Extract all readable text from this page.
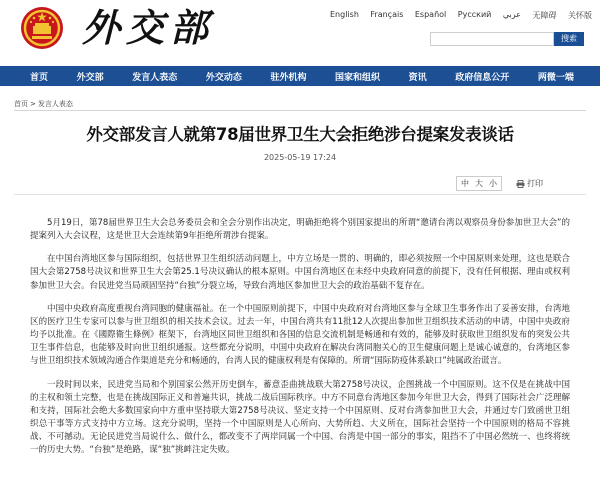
外交部	English Français Español Русский عربي 无障碍 关怀版
搜索
首页	外交部	发言人表态	外交动态	驻外机构	国家和组织	资讯	政府信息公开	两微一端
首页 > 发言人表态
外交部发言人就第78届世界卫生大会拒绝涉台提案发表谈话
2025-05-19 17:24
中 大 小	打印

5月19日，第78届世界卫生大会总务委员会和全会分别作出决定，明确拒绝将个别国家提出的所谓“邀请台湾以观察员身份参加世卫大会”的提案列入大会议程，这是世卫大会连续第9年拒绝所谓涉台提案。

在中国台湾地区参与国际组织，包括世界卫生组织活动问题上，中方立场是一贯的、明确的，即必须按照一个中国原则来处理，这也是联合国大会第2758号决议和世界卫生大会第25.1号决议确认的根本原则。中国台湾地区在未经中央政府同意的前提下，没有任何根据、理由或权利参加世卫大会。台民进党当局顽固坚持“台独”分裂立场，导致台湾地区参加世卫大会的政治基础不复存在。

中国中央政府高度重视台湾同胞的健康福祉。在一个中国原则前提下，中国中央政府对台湾地区参与全球卫生事务作出了妥善安排，台湾地区的医疗卫生专家可以参与世卫组织的相关技术会议。过去一年，中国台湾共有11批12人次提出参加世卫组织技术活动的申请，中国中央政府均予以批准。在《國際衛生條例》框架下，台湾地区同世卫组织和各国的信息交流机制是畅通和有效的，能够及时获取世卫组织发布的突发公共卫生事件信息，也能够及时向世卫组织通报。这些都充分说明，中国中央政府在解决台湾同胞关心的卫生健康问题上是诚心诚意的，台湾地区参与世卫组织技术领域沟通合作渠道是充分和畅通的，台湾人民的健康权利是有保障的。所谓“国际防疫体系缺口”纯属政治谎言。

一段时间以来，民进党当局和个别国家公然开历史倒车，蓄意歪曲挑战联大第2758号决议，企图挑战一个中国原则。这不仅是在挑战中国的主权和领土完整，也是在挑战国际正义和普遍共识，挑战二战后国际秩序。中方不同意台湾地区参加今年世卫大会，得到了国际社会广泛理解和支持，国际社会绝大多数国家向中方重申坚持联大第2758号决议、坚定支持一个中国原则、反对台湾参加世卫大会，并通过专门致函世卫组织总干事等方式支持中方立场。这充分说明，坚持一个中国原则是人心所向、大势所趋、大义所在，国际社会坚持一个中国原则的格局不容挑战、不可撼动。无论民进党当局说什么、做什么，都改变不了两岸同属一个中国、台湾是中国一部分的事实，阻挡不了中国必然统一、也终将统一的历史大势。“台独”是绝路，谋“独”挑衅注定失败。
